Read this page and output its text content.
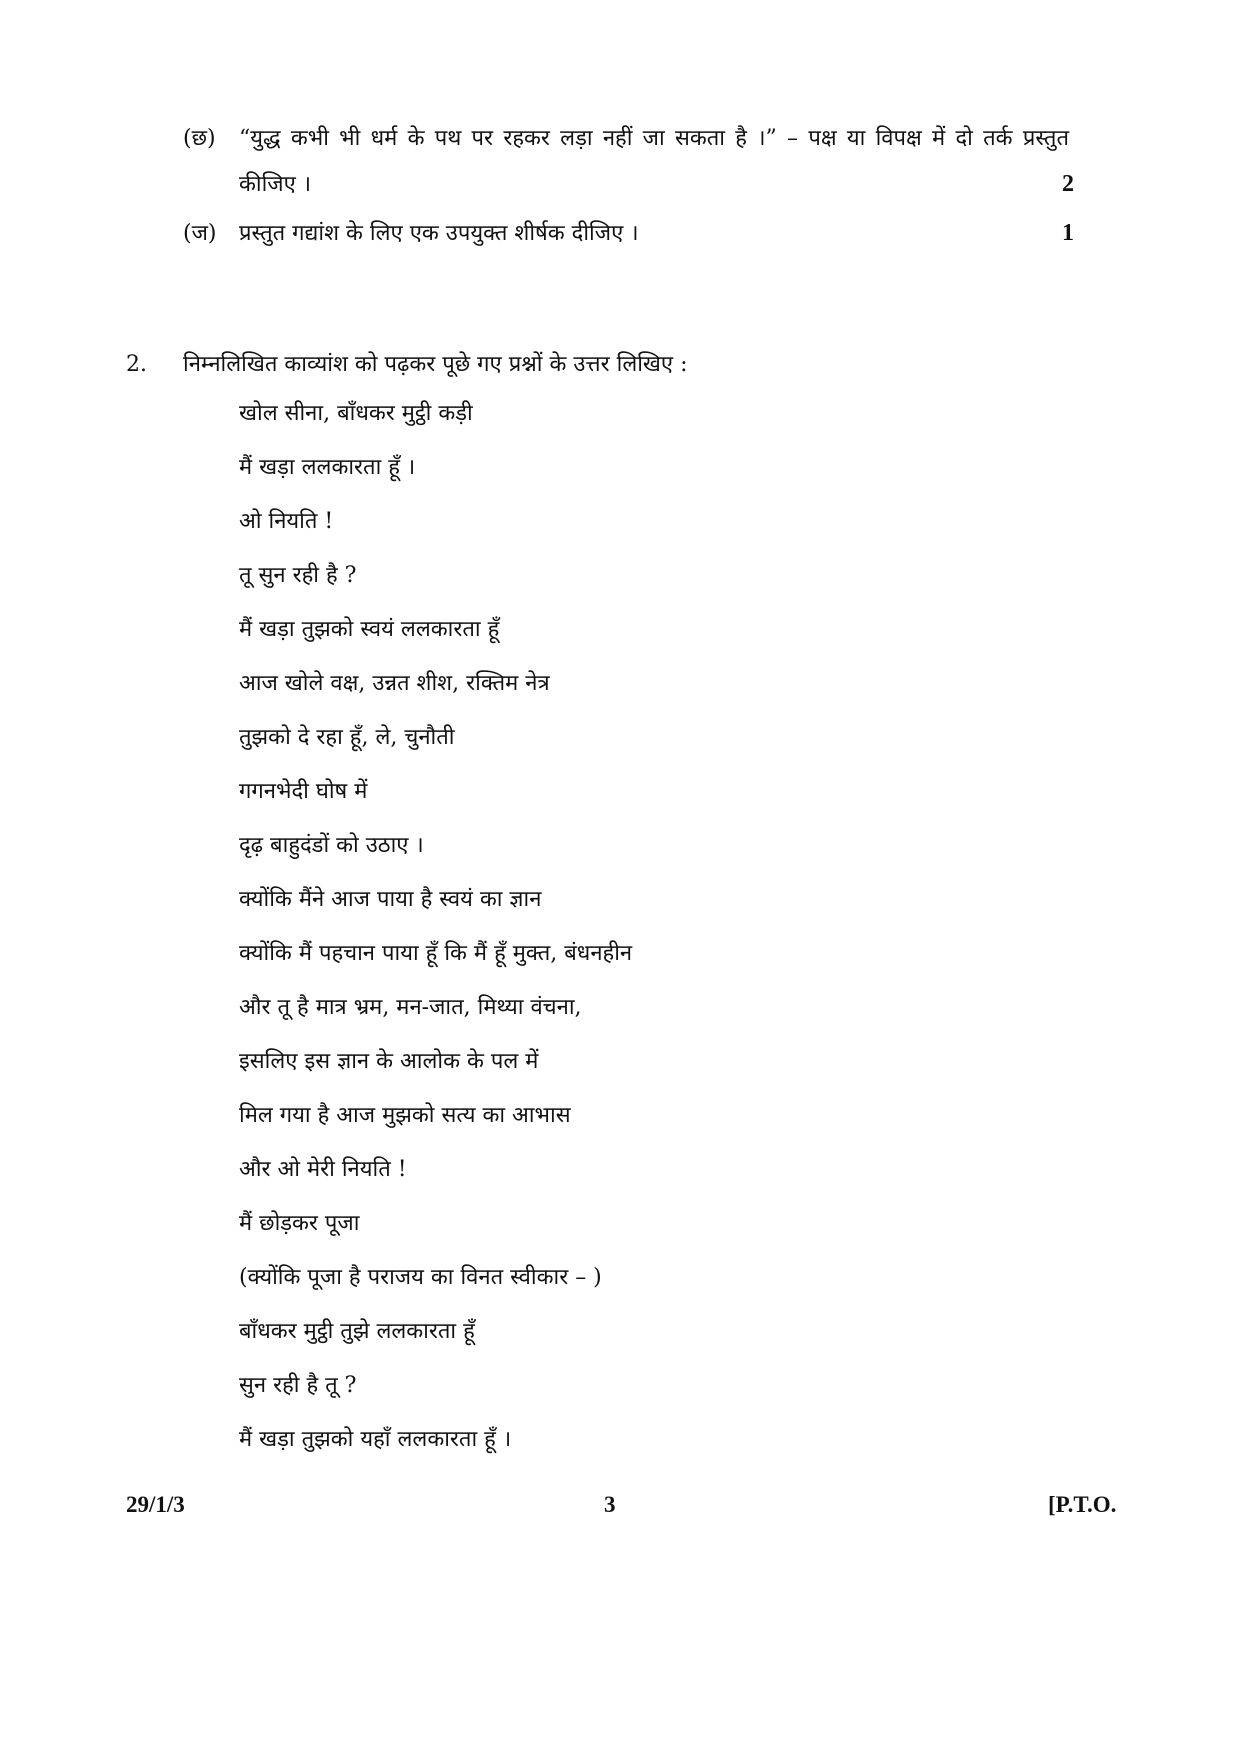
(छ) “युद्ध कभी भी धर्म के पथ पर रहकर लड़ा नहीं जा सकता है ।” – पक्ष या विपक्ष में दो तर्क प्रस्तुत
कीजिए ।	2
(ज) प्रस्तुत गद्यांश के लिए एक उपयुक्त शीर्षक दीजिए ।	1
2. निम्नलिखित काव्यांश को पढ़कर पूछे गए प्रश्नों के उत्तर लिखिए :
खोल सीना, बाँधकर मुट्ठी कड़ी
मैं खड़ा ललकारता हूँ ।
ओ नियति !
तू सुन रही है ?
मैं खड़ा तुझको स्वयं ललकारता हूँ
आज खोले वक्ष, उन्नत शीश, रक्तिम नेत्र
तुझको दे रहा हूँ, ले, चुनौती
गगनभेदी घोष में
दृढ़ बाहुदंडों को उठाए ।
क्योंकि मैंने आज पाया है स्वयं का ज्ञान
क्योंकि मैं पहचान पाया हूँ कि मैं हूँ मुक्त, बंधनहीन
और तू है मात्र भ्रम, मन-जात, मिथ्या वंचना,
इसलिए इस ज्ञान के आलोक के पल में
मिल गया है आज मुझको सत्य का आभास
और ओ मेरी नियति !
मैं छोड़कर पूजा
(क्योंकि पूजा है पराजय का विनत स्वीकार – )
बाँधकर मुट्ठी तुझे ललकारता हूँ
सुन रही है तू ?
मैं खड़ा तुझको यहाँ ललकारता हूँ ।
29/1/3	3	[P.T.O.
